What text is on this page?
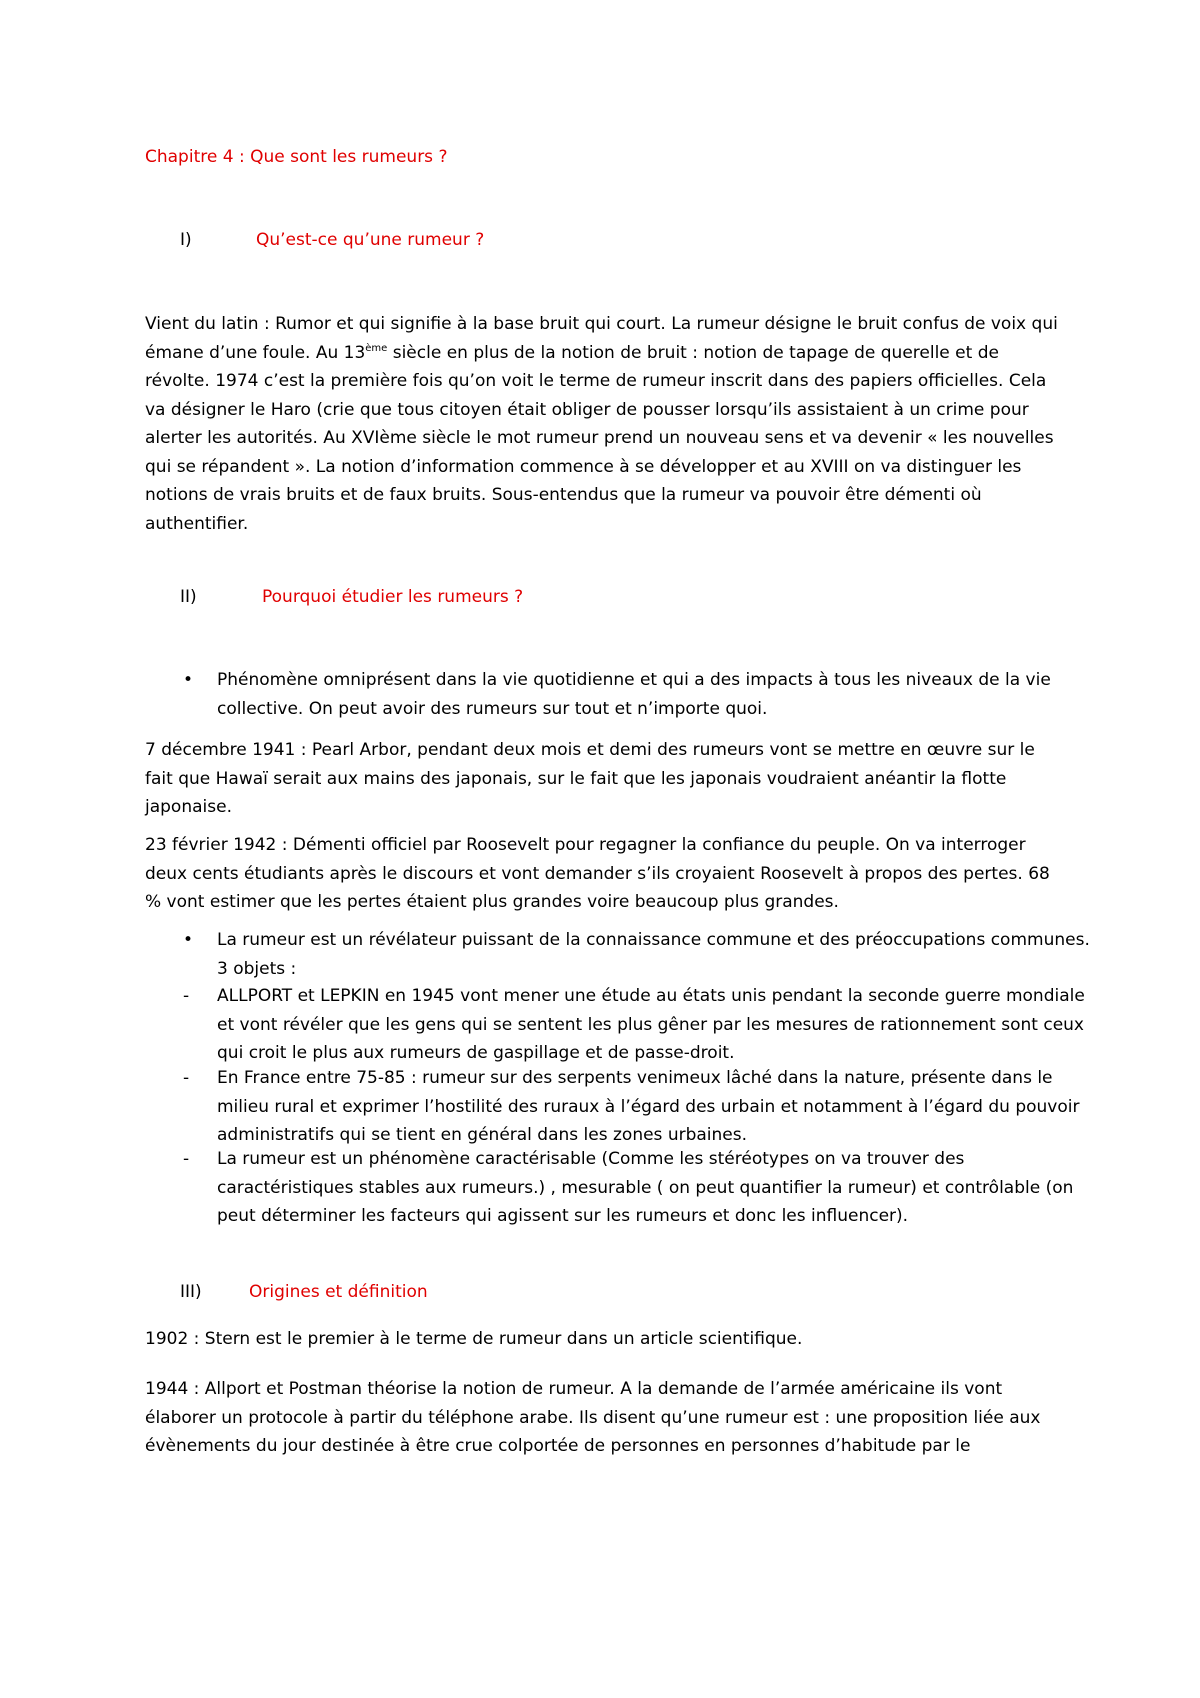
Chapitre 4 : Que sont les rumeurs ?

I)	Qu’est-ce qu’une rumeur ?

Vient du latin : Rumor et qui signifie à la base bruit qui court. La rumeur désigne le bruit confus de voix qui émane d’une foule. Au 13ème siècle en plus de la notion de bruit : notion de tapage de querelle et de révolte. 1974 c’est la première fois qu’on voit le terme de rumeur inscrit dans des papiers officielles. Cela va désigner le Haro (crie que tous citoyen était obliger de pousser lorsqu’ils assistaient à un crime pour alerter les autorités. Au XVIème siècle le mot rumeur prend un nouveau sens et va devenir « les nouvelles qui se répandent ». La notion d’information commence à se développer et au XVIII on va distinguer les notions de vrais bruits et de faux bruits. Sous-entendus que la rumeur va pouvoir être démenti où authentifier.

II)	Pourquoi étudier les rumeurs ?

• Phénomène omniprésent dans la vie quotidienne et qui a des impacts à tous les niveaux de la vie collective. On peut avoir des rumeurs sur tout et n’importe quoi.

7 décembre 1941 : Pearl Arbor, pendant deux mois et demi des rumeurs vont se mettre en œuvre sur le fait que Hawaï serait aux mains des japonais, sur le fait que les japonais voudraient anéantir la flotte japonaise.

23 février 1942 : Démenti officiel par Roosevelt pour regagner la confiance du peuple. On va interroger deux cents étudiants après le discours et vont demander s’ils croyaient Roosevelt à propos des pertes. 68 % vont estimer que les pertes étaient plus grandes voire beaucoup plus grandes.

• La rumeur est un révélateur puissant de la connaissance commune et des préoccupations communes. 3 objets :

- ALLPORT et LEPKIN en 1945 vont mener une étude au états unis pendant la seconde guerre mondiale et vont révéler que les gens qui se sentent les plus gêner par les mesures de rationnement sont ceux qui croit le plus aux rumeurs de gaspillage et de passe-droit.

- En France entre 75-85 : rumeur sur des serpents venimeux lâché dans la nature, présente dans le milieu rural et exprimer l’hostilité des ruraux à l’égard des urbain et notamment à l’égard du pouvoir administratifs qui se tient en général dans les zones urbaines.

- La rumeur est un phénomène caractérisable (Comme les stéréotypes on va trouver des caractéristiques stables aux rumeurs.) , mesurable ( on peut quantifier la rumeur) et contrôlable (on peut déterminer les facteurs qui agissent sur les rumeurs et donc les influencer).

III)	Origines et définition

1902 : Stern est le premier à le terme de rumeur dans un article scientifique.

1944 : Allport et Postman théorise la notion de rumeur. A la demande de l’armée américaine ils vont élaborer un protocole à partir du téléphone arabe. Ils disent qu’une rumeur est : une proposition liée aux évènements du jour destinée à être crue colportée de personnes en personnes d’habitude par le
